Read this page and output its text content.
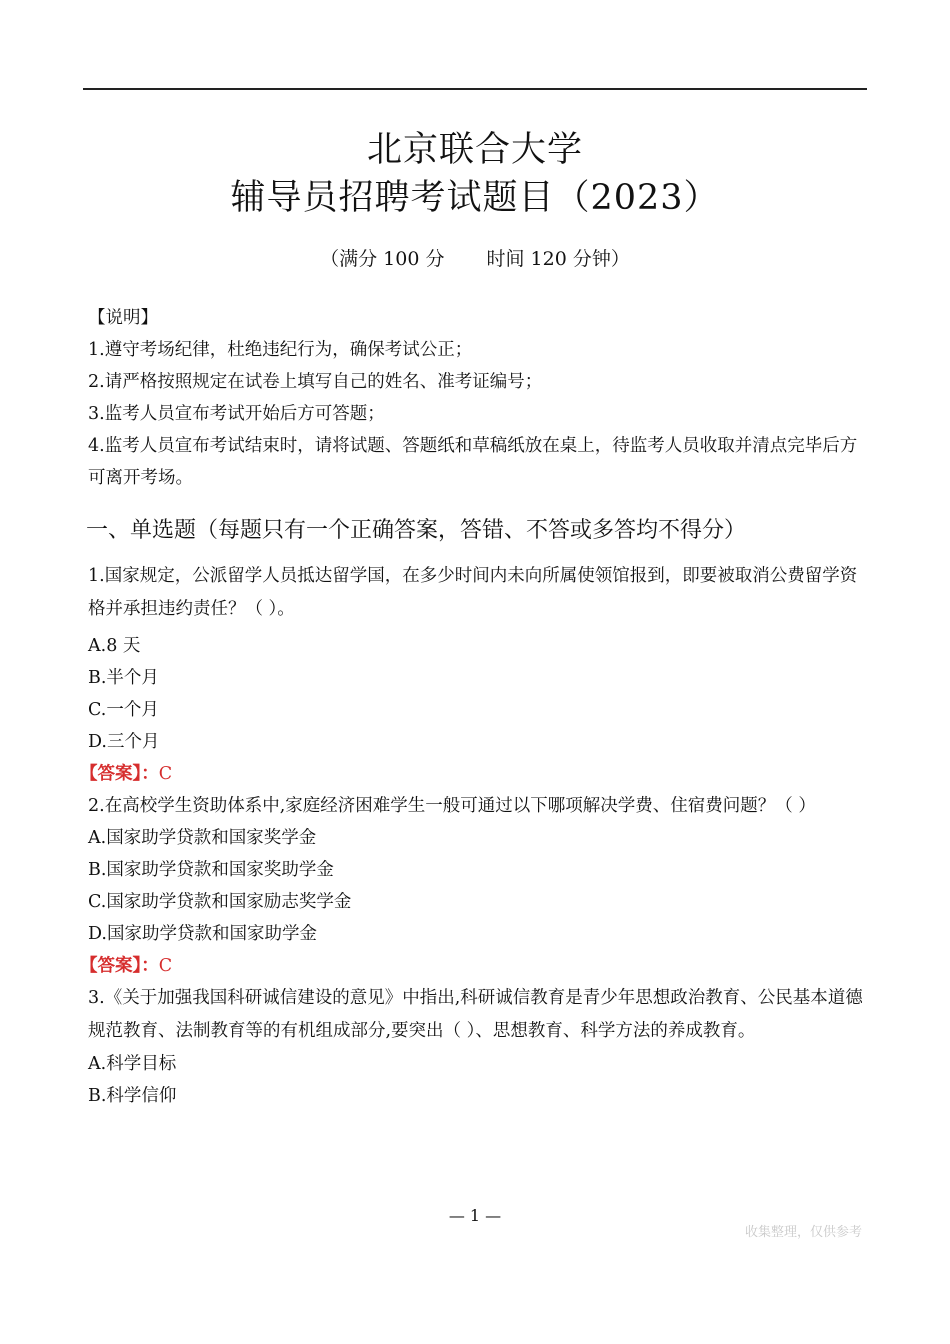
北京联合大学
辅导员招聘考试题目（2023）
（满分 100 分 时间 120 分钟）

【说明】

1.遵守考场纪律，杜绝违纪行为，确保考试公正；

2.请严格按照规定在试卷上填写自己的姓名、准考证编号；

3.监考人员宣布考试开始后方可答题；

4.监考人员宣布考试结束时，请将试题、答题纸和草稿纸放在桌上，待监考人员收取并清点完毕后方可离开考场。

一、单选题（每题只有一个正确答案，答错、不答或多答均不得分）

1.国家规定，公派留学人员抵达留学国，在多少时间内未向所属使领馆报到，即要被取消公费留学资格并承担违约责任？（ ）。

A.8 天

B.半个月

C.一个月

D.三个月

【答案】：C

2.在高校学生资助体系中,家庭经济困难学生一般可通过以下哪项解决学费、住宿费问题？（ ）

A.国家助学贷款和国家奖学金

B.国家助学贷款和国家奖助学金

C.国家助学贷款和国家励志奖学金

D.国家助学贷款和国家助学金

【答案】：C

3.《关于加强我国科研诚信建设的意见》中指出,科研诚信教育是青少年思想政治教育、公民基本道德规范教育、法制教育等的有机组成部分,要突出（ ）、思想教育、科学方法的养成教育。

A.科学目标

B.科学信仰

— 1 —
收集整理，仅供参考
